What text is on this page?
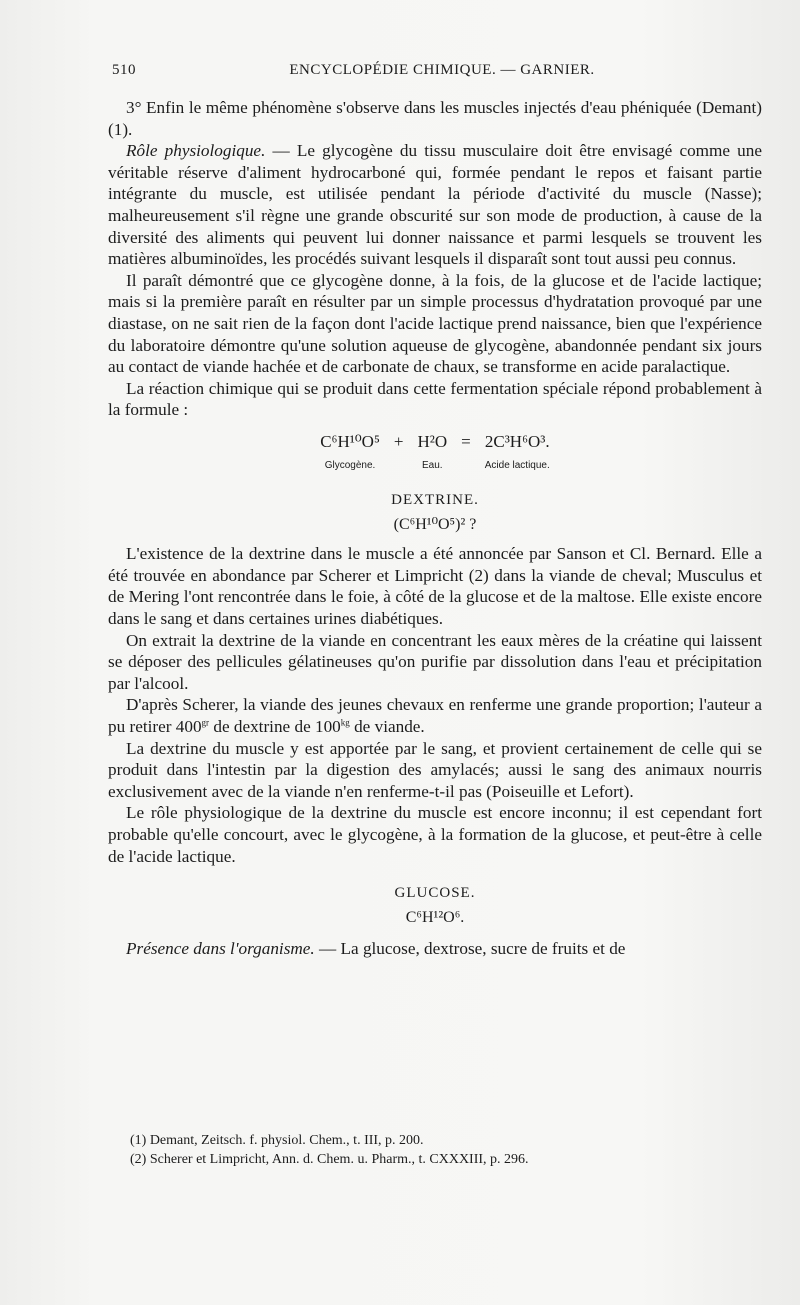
510	ENCYCLOPÉDIE CHIMIQUE. — GARNIER.

3° Enfin le même phénomène s'observe dans les muscles injectés d'eau phéniquée (Demant) (1).

Rôle physiologique. — Le glycogène du tissu musculaire doit être envisagé comme une véritable réserve d'aliment hydrocarboné qui, formée pendant le repos et faisant partie intégrante du muscle, est utilisée pendant la période d'activité du muscle (Nasse); malheureusement s'il règne une grande obscurité sur son mode de production, à cause de la diversité des aliments qui peuvent lui donner naissance et parmi lesquels se trouvent les matières albuminoïdes, les procédés suivant lesquels il disparaît sont tout aussi peu connus.

Il paraît démontré que ce glycogène donne, à la fois, de la glucose et de l'acide lactique; mais si la première paraît en résulter par un simple processus d'hydratation provoqué par une diastase, on ne sait rien de la façon dont l'acide lactique prend naissance, bien que l'expérience du laboratoire démontre qu'une solution aqueuse de glycogène, abandonnée pendant six jours au contact de viande hachée et de carbonate de chaux, se transforme en acide paralactique.

La réaction chimique qui se produit dans cette fermentation spéciale répond probablement à la formule :

C⁶H¹⁰O⁵
Glycogène.
+ H²O
Eau.
= 2C³H⁶O³.
Acide lactique.
DEXTRINE.
(C⁶H¹⁰O⁵)² ?

L'existence de la dextrine dans le muscle a été annoncée par Sanson et Cl. Bernard. Elle a été trouvée en abondance par Scherer et Limpricht (2) dans la viande de cheval; Musculus et de Mering l'ont rencontrée dans le foie, à côté de la glucose et de la maltose. Elle existe encore dans le sang et dans certaines urines diabétiques.

On extrait la dextrine de la viande en concentrant les eaux mères de la créatine qui laissent se déposer des pellicules gélatineuses qu'on purifie par dissolution dans l'eau et précipitation par l'alcool.

D'après Scherer, la viande des jeunes chevaux en renferme une grande proportion; l'auteur a pu retirer $400^{gr}$ de dextrine de $100^{kg}$ de viande.

La dextrine du muscle y est apportée par le sang, et provient certainement de celle qui se produit dans l'intestin par la digestion des amylacés; aussi le sang des animaux nourris exclusivement avec de la viande n'en renferme-t-il pas (Poiseuille et Lefort).

Le rôle physiologique de la dextrine du muscle est encore inconnu; il est cependant fort probable qu'elle concourt, avec le glycogène, à la formation de la glucose, et peut-être à celle de l'acide lactique.

GLUCOSE.
C⁶H¹²O⁶.

Présence dans l'organisme. — La glucose, dextrose, sucre de fruits et de

(1) Demant, Zeitsch. f. physiol. Chem., t. III, p. 200.
(2) Scherer et Limpricht, Ann. d. Chem. u. Pharm., t. CXXXIII, p. 296.
